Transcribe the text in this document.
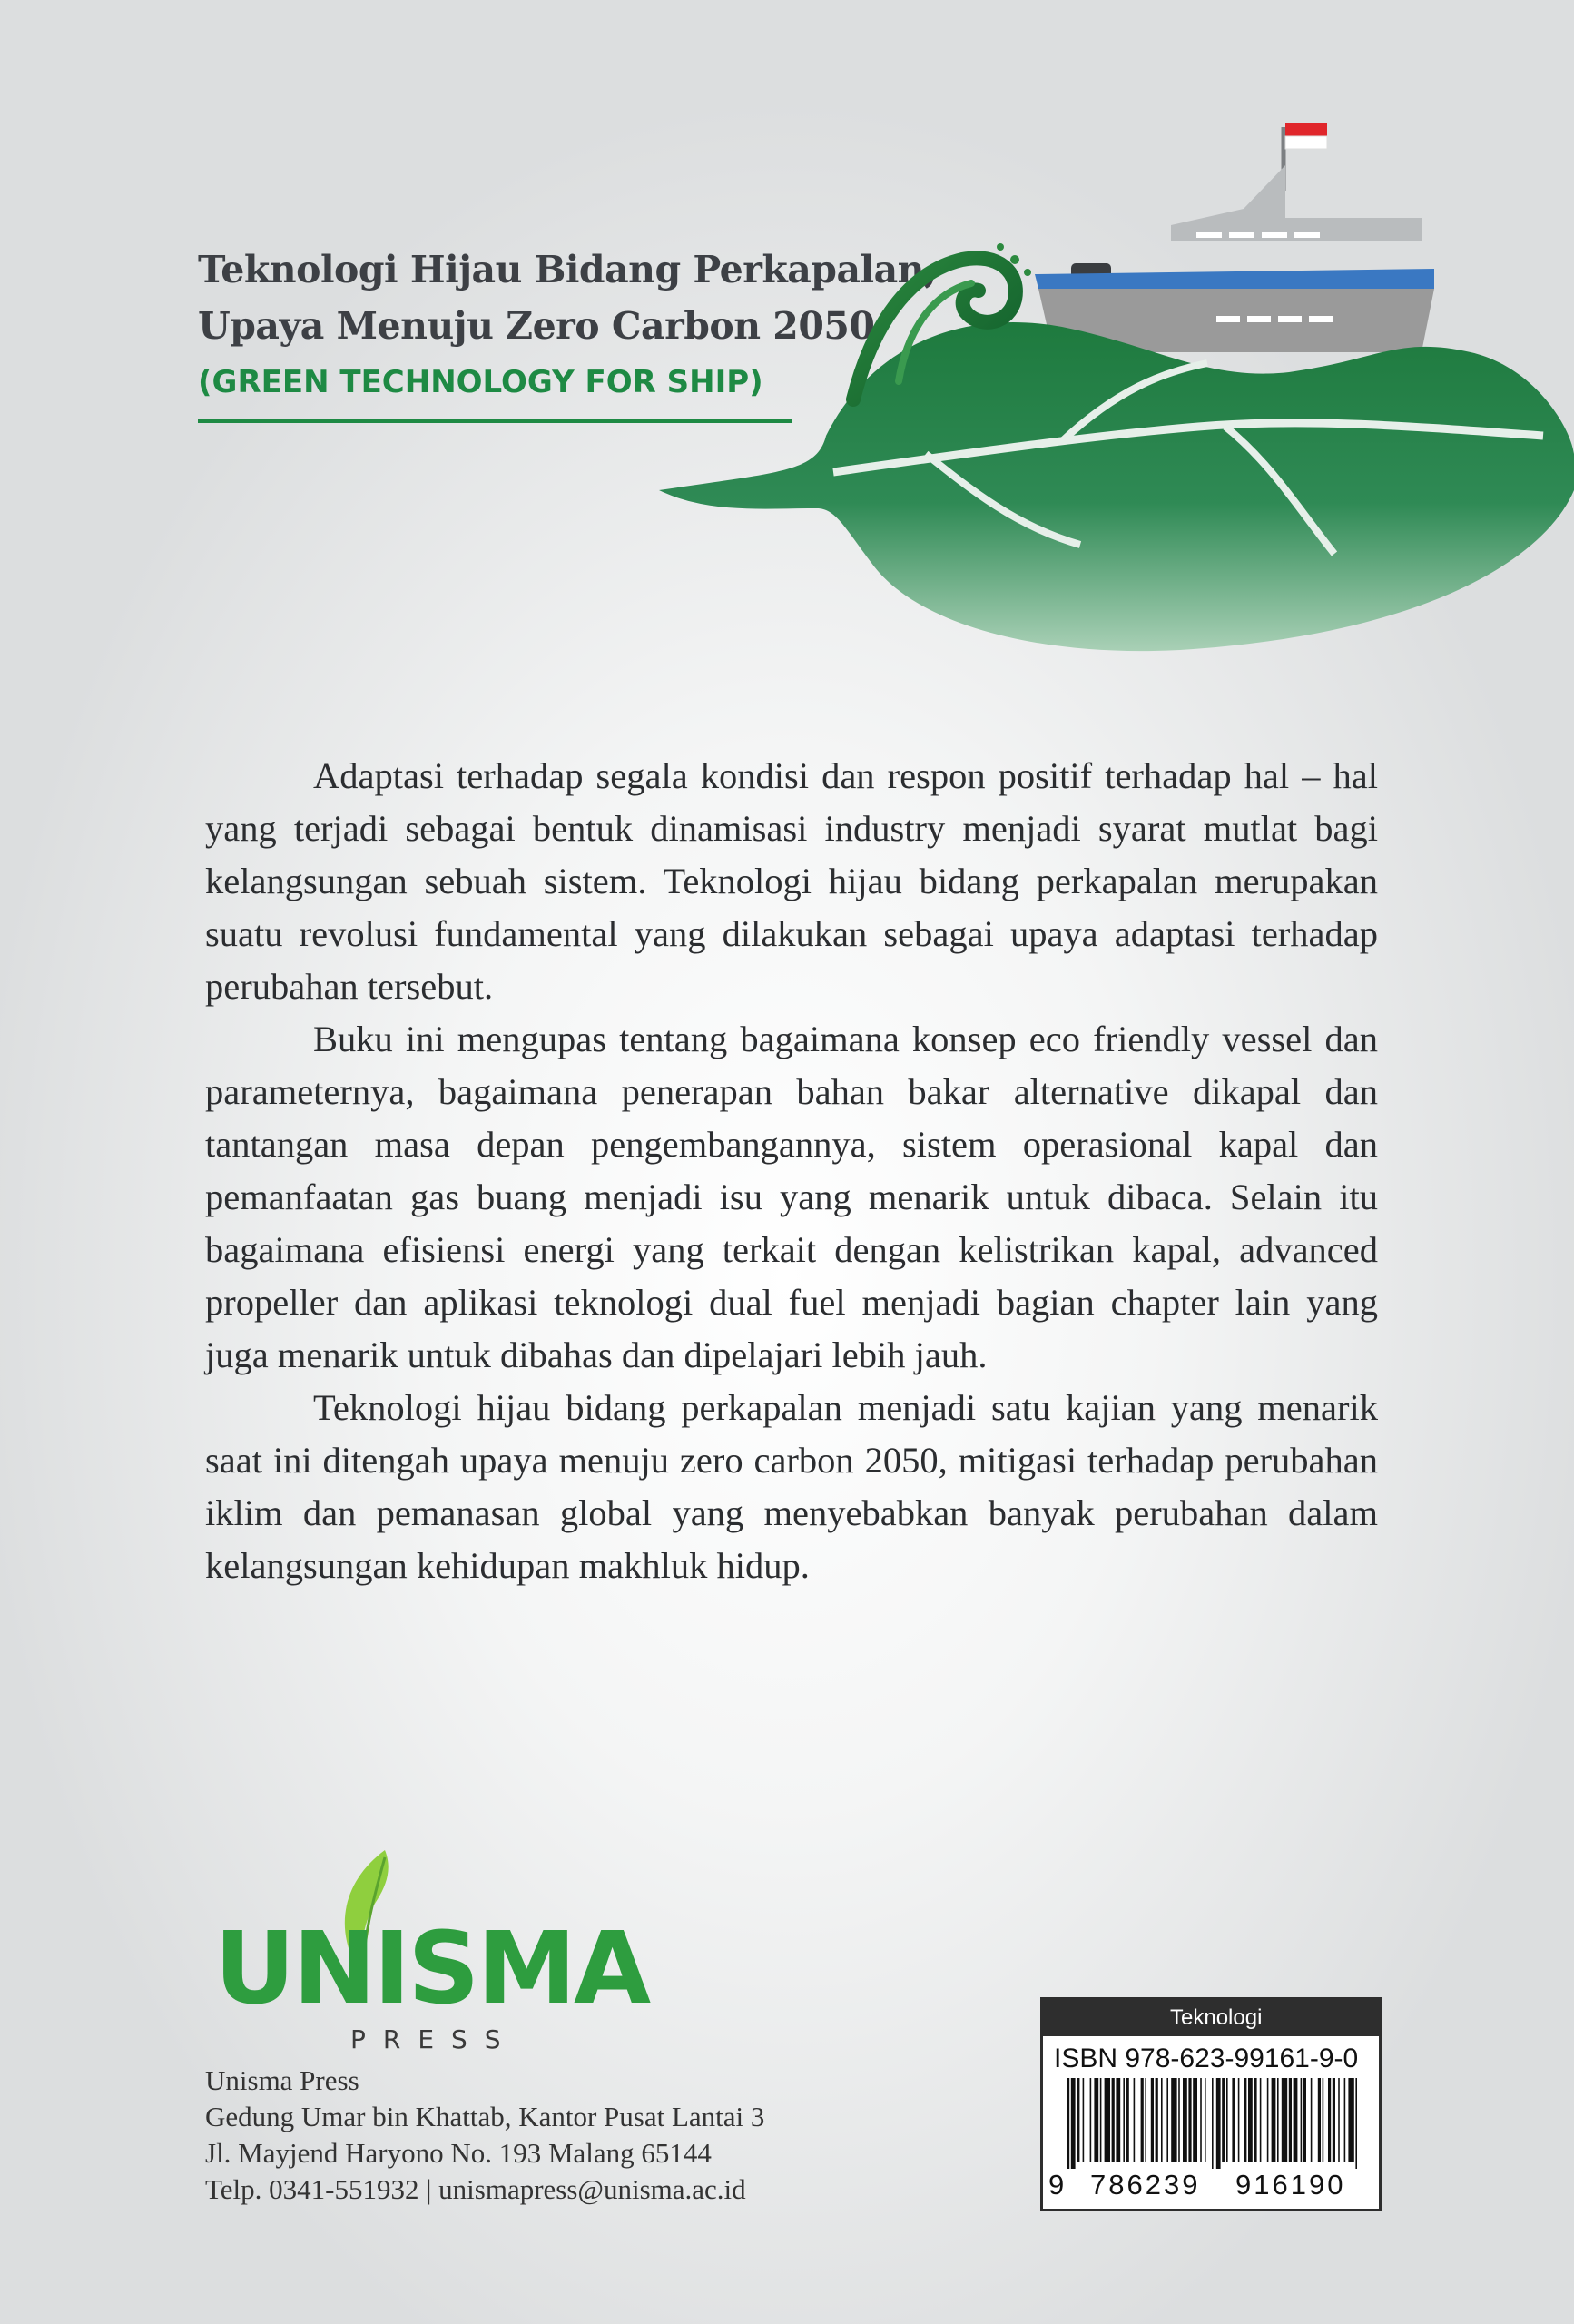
Teknologi Hijau Bidang Perkapalan,
Upaya Menuju Zero Carbon 2050
(GREEN TECHNOLOGY FOR SHIP)

Adaptasi terhadap segala kondisi dan respon positif terhadap hal – hal yang terjadi sebagai bentuk dinamisasi industry menjadi syarat mutlat bagi kelangsungan sebuah sistem. Teknologi hijau bidang perkapalan merupakan suatu revolusi fundamental yang dilakukan sebagai upaya adaptasi terhadap perubahan tersebut.

Buku ini mengupas tentang bagaimana konsep eco friendly vessel dan parameternya, bagaimana penerapan bahan bakar alternative dikapal dan tantangan masa depan pengembangannya, sistem operasional kapal dan pemanfaatan gas buang menjadi isu yang menarik untuk dibaca. Selain itu bagaimana efisiensi energi yang terkait dengan kelistrikan kapal, advanced propeller dan aplikasi teknologi dual fuel menjadi bagian chapter lain yang juga menarik untuk dibahas dan dipelajari lebih jauh.

Teknologi hijau bidang perkapalan menjadi satu kajian yang menarik saat ini ditengah upaya menuju zero carbon 2050, mitigasi terhadap perubahan iklim dan pemanasan global yang menyebabkan banyak perubahan dalam kelangsungan kehidupan makhluk hidup.

UNISMA
PRESS
Unisma Press
Gedung Umar bin Khattab, Kantor Pusat Lantai 3
Jl. Mayjend Haryono No. 193 Malang 65144
Telp. 0341-551932 | unismapress@unisma.ac.id
Teknologi
ISBN 978-623-99161-9-0
9 786239 916190
